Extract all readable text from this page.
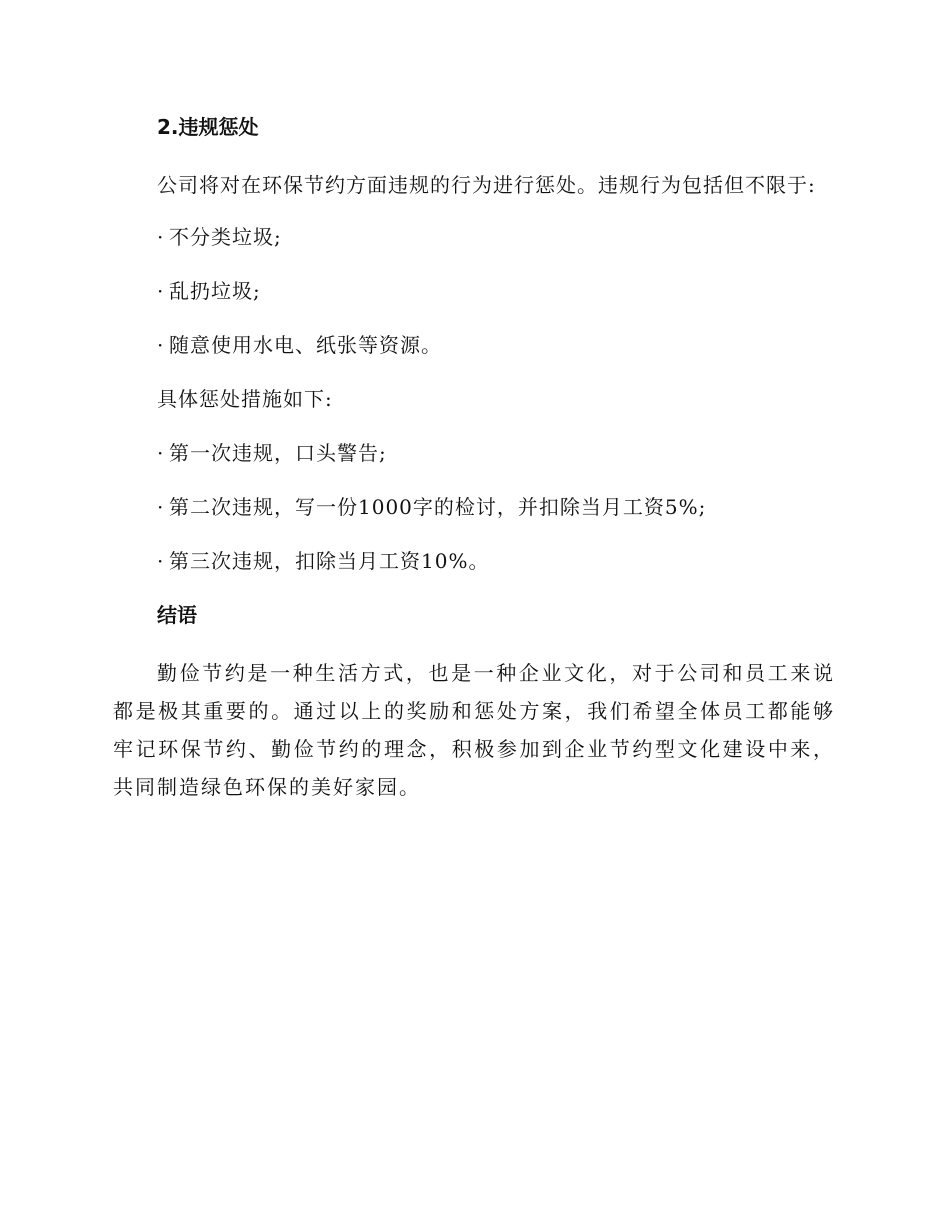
2.违规惩处

公司将对在环保节约方面违规的行为进行惩处。违规行为包括但不限于:

· 不分类垃圾;
· 乱扔垃圾;
· 随意使用水电、纸张等资源。
具体惩处措施如下:
· 第一次违规，口头警告;
· 第二次违规，写一份1000字的检讨，并扣除当月工资5%;
· 第三次违规，扣除当月工资10%。
结语

勤俭节约是一种生活方式，也是一种企业文化，对于公司和员工来说都是极其重要的。通过以上的奖励和惩处方案，我们希望全体员工都能够牢记环保节约、勤俭节约的理念，积极参加到企业节约型文化建设中来，共同制造绿色环保的美好家园。
